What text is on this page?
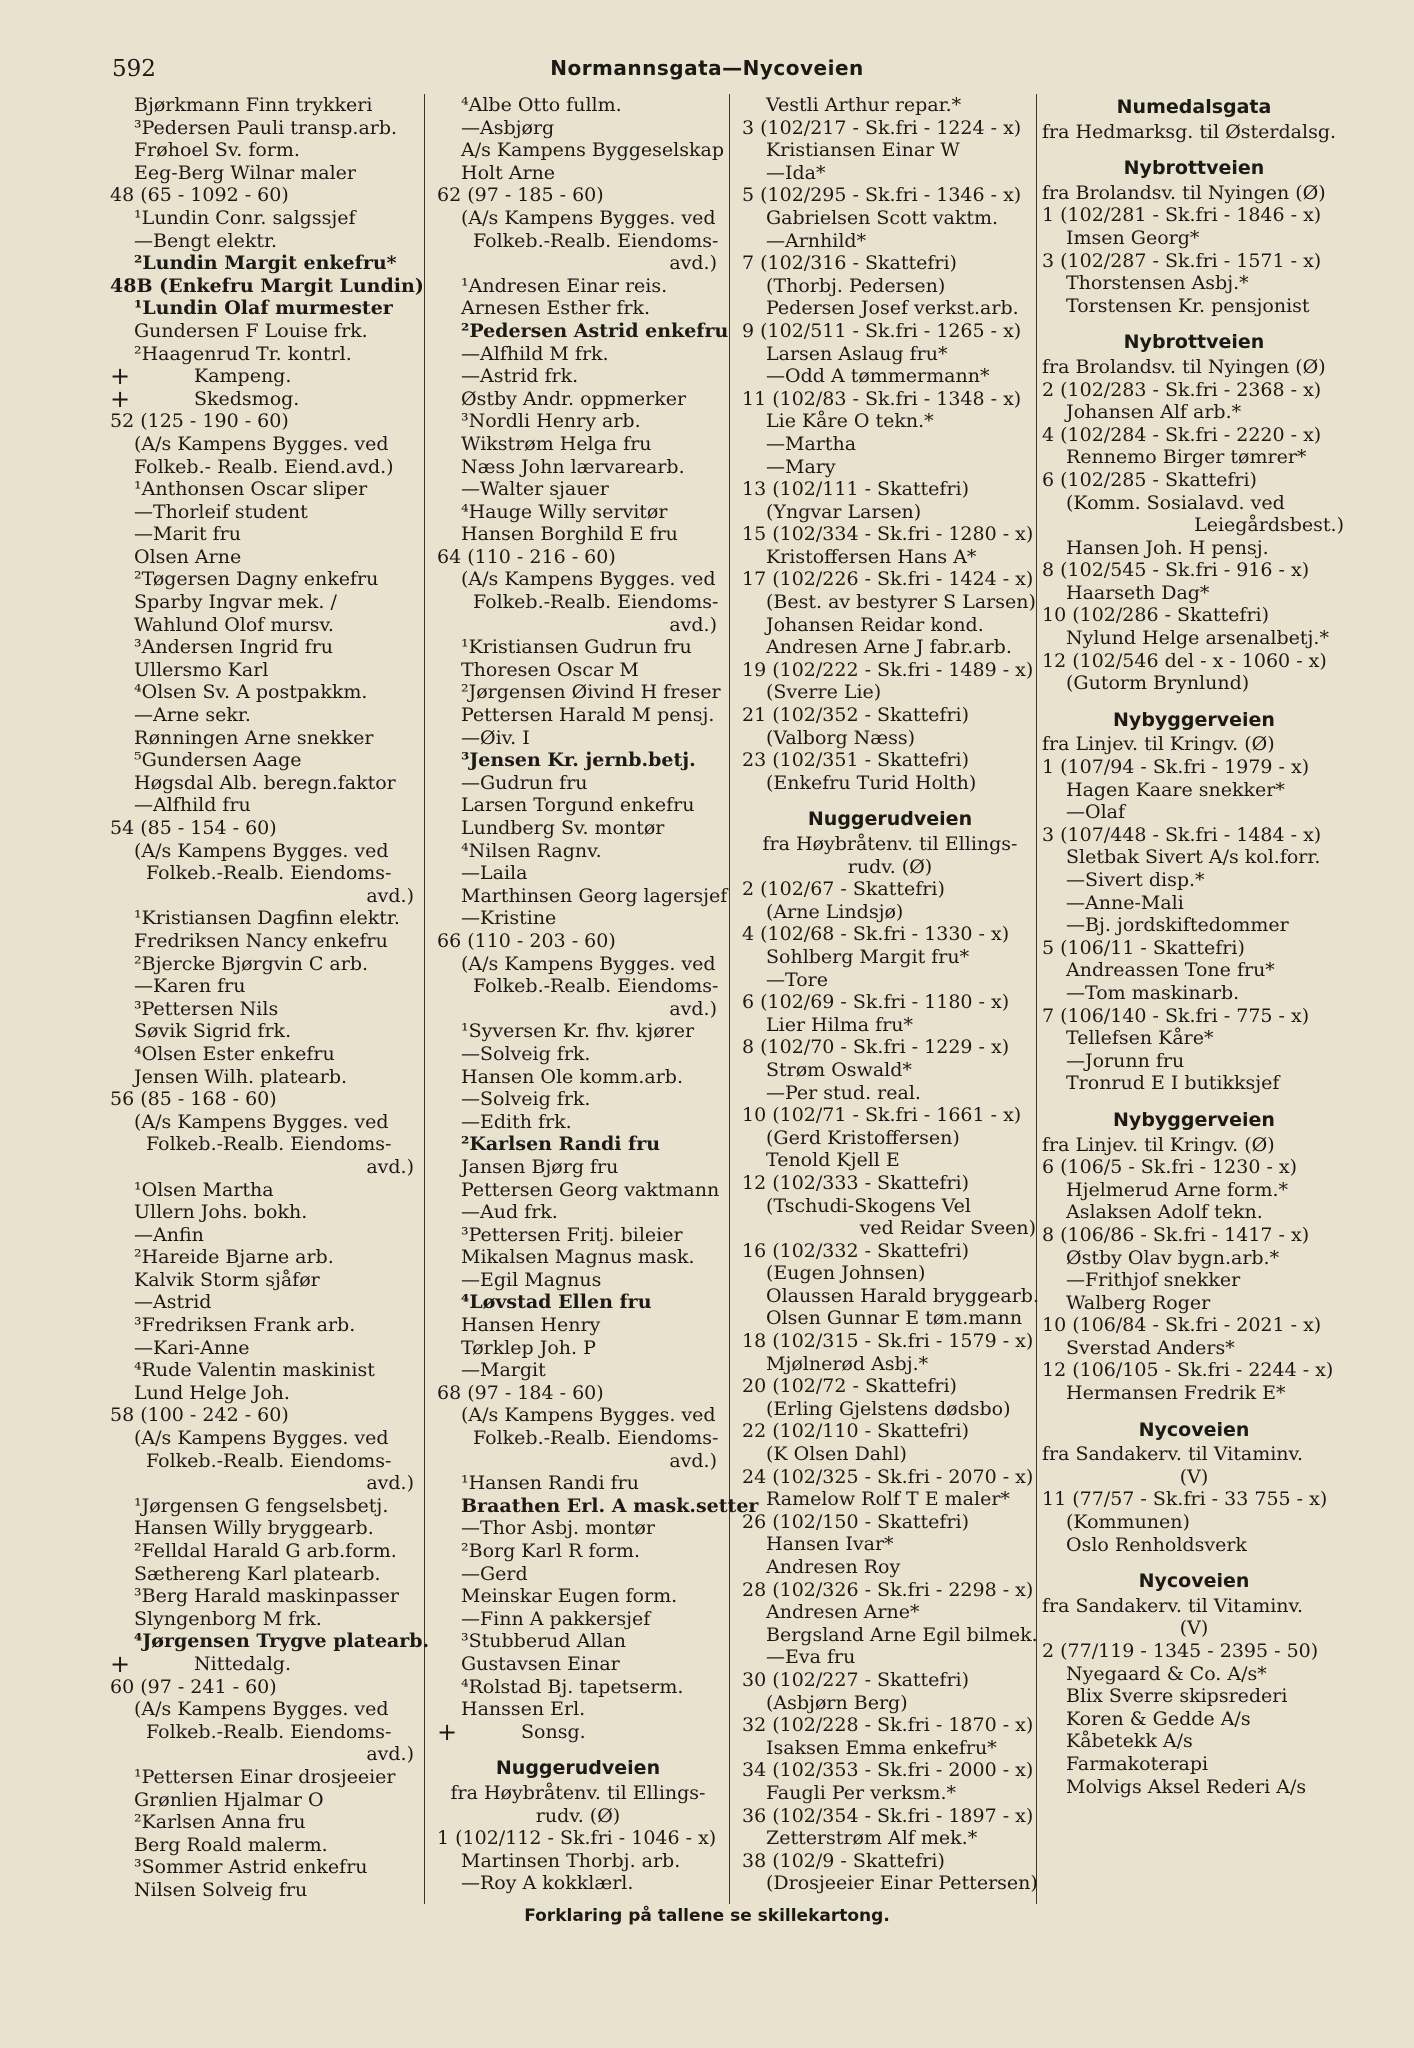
592	Normannsgata—Nycoveien
Bjørkmann Finn trykkeri
³Pedersen Pauli transp.arb.
Frøhoel Sv. form.
Eeg-Berg Wilnar maler
48 (65 - 1092 - 60)
¹Lundin Conr. salgssjef
—Bengt elektr.
²Lundin Margit enkefru*
48B (Enkefru Margit Lundin)
¹Lundin Olaf murmester
Gundersen F Louise frk.
²Haagenrud Tr. kontrl.
+	Kampeng.
+	Skedsmog.
52 (125 - 190 - 60)
(A/s Kampens Bygges. ved
Folkeb.- Realb. Eiend.avd.)
¹Anthonsen Oscar sliper
—Thorleif student
—Marit fru
Olsen Arne
²Tøgersen Dagny enkefru
Sparby Ingvar mek. /
Wahlund Olof mursv.
³Andersen Ingrid fru
Ullersmo Karl
⁴Olsen Sv. A postpakkm.
—Arne sekr.
Rønningen Arne snekker
⁵Gundersen Aage
Høgsdal Alb. beregn.faktor
—Alfhild fru
54 (85 - 154 - 60)
(A/s Kampens Bygges. ved
Folkeb.-Realb. Eiendoms-
avd.)
¹Kristiansen Dagfinn elektr.
Fredriksen Nancy enkefru
²Bjercke Bjørgvin C arb.
—Karen fru
³Pettersen Nils
Søvik Sigrid frk.
⁴Olsen Ester enkefru
Jensen Wilh. platearb.
56 (85 - 168 - 60)
(A/s Kampens Bygges. ved
Folkeb.-Realb. Eiendoms-
avd.)
¹Olsen Martha
Ullern Johs. bokh.
—Anfin
²Hareide Bjarne arb.
Kalvik Storm sjåfør
—Astrid
³Fredriksen Frank arb.
—Kari-Anne
⁴Rude Valentin maskinist
Lund Helge Joh.
58 (100 - 242 - 60)
(A/s Kampens Bygges. ved
Folkeb.-Realb. Eiendoms-
avd.)
¹Jørgensen G fengselsbetj.
Hansen Willy bryggearb.
²Felldal Harald G arb.form.
Sæthereng Karl platearb.
³Berg Harald maskinpasser
Slyngenborg M frk.
⁴Jørgensen Trygve platearb.
+	Nittedalg.
60 (97 - 241 - 60)
(A/s Kampens Bygges. ved
Folkeb.-Realb. Eiendoms-
avd.)
¹Pettersen Einar drosjeeier
Grønlien Hjalmar O
²Karlsen Anna fru
Berg Roald malerm.
³Sommer Astrid enkefru
Nilsen Solveig fru
⁴Albe Otto fullm.
—Asbjørg
A/s Kampens Byggeselskap
Holt Arne
62 (97 - 185 - 60)
(A/s Kampens Bygges. ved
Folkeb.-Realb. Eiendoms-
avd.)
¹Andresen Einar reis.
Arnesen Esther frk.
²Pedersen Astrid enkefru
—Alfhild M frk.
—Astrid frk.
Østby Andr. oppmerker
³Nordli Henry arb.
Wikstrøm Helga fru
Næss John lærvarearb.
—Walter sjauer
⁴Hauge Willy servitør
Hansen Borghild E fru
64 (110 - 216 - 60)
(A/s Kampens Bygges. ved
Folkeb.-Realb. Eiendoms-
avd.)
¹Kristiansen Gudrun fru
Thoresen Oscar M
²Jørgensen Øivind H freser
Pettersen Harald M pensj.
—Øiv. I
³Jensen Kr. jernb.betj.
—Gudrun fru
Larsen Torgund enkefru
Lundberg Sv. montør
⁴Nilsen Ragnv.
—Laila
Marthinsen Georg lagersjef
—Kristine
66 (110 - 203 - 60)
(A/s Kampens Bygges. ved
Folkeb.-Realb. Eiendoms-
avd.)
¹Syversen Kr. fhv. kjører
—Solveig frk.
Hansen Ole komm.arb.
—Solveig frk.
—Edith frk.
²Karlsen Randi fru
Jansen Bjørg fru
Pettersen Georg vaktmann
—Aud frk.
³Pettersen Fritj. bileier
Mikalsen Magnus mask.
—Egil Magnus
⁴Løvstad Ellen fru
Hansen Henry
Tørklep Joh. P
—Margit
68 (97 - 184 - 60)
(A/s Kampens Bygges. ved
Folkeb.-Realb. Eiendoms-
avd.)
¹Hansen Randi fru
Braathen Erl. A mask.setter
—Thor Asbj. montør
²Borg Karl R form.
—Gerd
Meinskar Eugen form.
—Finn A pakkersjef
³Stubberud Allan
Gustavsen Einar
⁴Rolstad Bj. tapetserm.
Hanssen Erl.
+	Sonsg.
Nuggerudveien
fra Høybråtenv. til Ellings-
rudv. (Ø)
1 (102/112 - Sk.fri - 1046 - x)
Martinsen Thorbj. arb.
—Roy A kokklærl.
Vestli Arthur repar.*
3 (102/217 - Sk.fri - 1224 - x)
Kristiansen Einar W
—Ida*
5 (102/295 - Sk.fri - 1346 - x)
Gabrielsen Scott vaktm.
—Arnhild*
7 (102/316 - Skattefri)
(Thorbj. Pedersen)
Pedersen Josef verkst.arb.
9 (102/511 - Sk.fri - 1265 - x)
Larsen Aslaug fru*
—Odd A tømmermann*
11 (102/83 - Sk.fri - 1348 - x)
Lie Kåre O tekn.*
—Martha
—Mary
13 (102/111 - Skattefri)
(Yngvar Larsen)
15 (102/334 - Sk.fri - 1280 - x)
Kristoffersen Hans A*
17 (102/226 - Sk.fri - 1424 - x)
(Best. av bestyrer S Larsen)
Johansen Reidar kond.
Andresen Arne J fabr.arb.
19 (102/222 - Sk.fri - 1489 - x)
(Sverre Lie)
21 (102/352 - Skattefri)
(Valborg Næss)
23 (102/351 - Skattefri)
(Enkefru Turid Holth)
Nuggerudveien
fra Høybråtenv. til Ellings-
rudv. (Ø)
2 (102/67 - Skattefri)
(Arne Lindsjø)
4 (102/68 - Sk.fri - 1330 - x)
Sohlberg Margit fru*
—Tore
6 (102/69 - Sk.fri - 1180 - x)
Lier Hilma fru*
8 (102/70 - Sk.fri - 1229 - x)
Strøm Oswald*
—Per stud. real.
10 (102/71 - Sk.fri - 1661 - x)
(Gerd Kristoffersen)
Tenold Kjell E
12 (102/333 - Skattefri)
(Tschudi-Skogens Vel
ved Reidar Sveen)
16 (102/332 - Skattefri)
(Eugen Johnsen)
Olaussen Harald bryggearb.
Olsen Gunnar E tøm.mann
18 (102/315 - Sk.fri - 1579 - x)
Mjølnerød Asbj.*
20 (102/72 - Skattefri)
(Erling Gjelstens dødsbo)
22 (102/110 - Skattefri)
(K Olsen Dahl)
24 (102/325 - Sk.fri - 2070 - x)
Ramelow Rolf T E maler*
26 (102/150 - Skattefri)
Hansen Ivar*
Andresen Roy
28 (102/326 - Sk.fri - 2298 - x)
Andresen Arne*
Bergsland Arne Egil bilmek.
—Eva fru
30 (102/227 - Skattefri)
(Asbjørn Berg)
32 (102/228 - Sk.fri - 1870 - x)
Isaksen Emma enkefru*
34 (102/353 - Sk.fri - 2000 - x)
Faugli Per verksm.*
36 (102/354 - Sk.fri - 1897 - x)
Zetterstrøm Alf mek.*
38 (102/9 - Skattefri)
(Drosjeeier Einar Pettersen)
Numedalsgata
fra Hedmarksg. til Østerdalsg.
Nybrottveien
fra Brolandsv. til Nyingen (Ø)
1 (102/281 - Sk.fri - 1846 - x)
Imsen Georg*
3 (102/287 - Sk.fri - 1571 - x)
Thorstensen Asbj.*
Torstensen Kr. pensjonist
Nybrottveien
fra Brolandsv. til Nyingen (Ø)
2 (102/283 - Sk.fri - 2368 - x)
Johansen Alf arb.*
4 (102/284 - Sk.fri - 2220 - x)
Rennemo Birger tømrer*
6 (102/285 - Skattefri)
(Komm. Sosialavd. ved
Leiegårdsbest.)
Hansen Joh. H pensj.
8 (102/545 - Sk.fri - 916 - x)
Haarseth Dag*
10 (102/286 - Skattefri)
Nylund Helge arsenalbetj.*
12 (102/546 del - x - 1060 - x)
(Gutorm Brynlund)
Nybyggerveien
fra Linjev. til Kringv. (Ø)
1 (107/94 - Sk.fri - 1979 - x)
Hagen Kaare snekker*
—Olaf
3 (107/448 - Sk.fri - 1484 - x)
Sletbak Sivert A/s kol.forr.
—Sivert disp.*
—Anne-Mali
—Bj. jordskiftedommer
5 (106/11 - Skattefri)
Andreassen Tone fru*
—Tom maskinarb.
7 (106/140 - Sk.fri - 775 - x)
Tellefsen Kåre*
—Jorunn fru
Tronrud E I butikksjef
Nybyggerveien
fra Linjev. til Kringv. (Ø)
6 (106/5 - Sk.fri - 1230 - x)
Hjelmerud Arne form.*
Aslaksen Adolf tekn.
8 (106/86 - Sk.fri - 1417 - x)
Østby Olav bygn.arb.*
—Frithjof snekker
Walberg Roger
10 (106/84 - Sk.fri - 2021 - x)
Sverstad Anders*
12 (106/105 - Sk.fri - 2244 - x)
Hermansen Fredrik E*
Nycoveien
fra Sandakerv. til Vitaminv.
(V)
11 (77/57 - Sk.fri - 33 755 - x)
(Kommunen)
Oslo Renholdsverk
Nycoveien
fra Sandakerv. til Vitaminv.
(V)
2 (77/119 - 1345 - 2395 - 50)
Nyegaard & Co. A/s*
Blix Sverre skipsrederi
Koren & Gedde A/s
Kåbetekk A/s
Farmakoterapi
Molvigs Aksel Rederi A/s
Forklaring på tallene se skillekartong.
